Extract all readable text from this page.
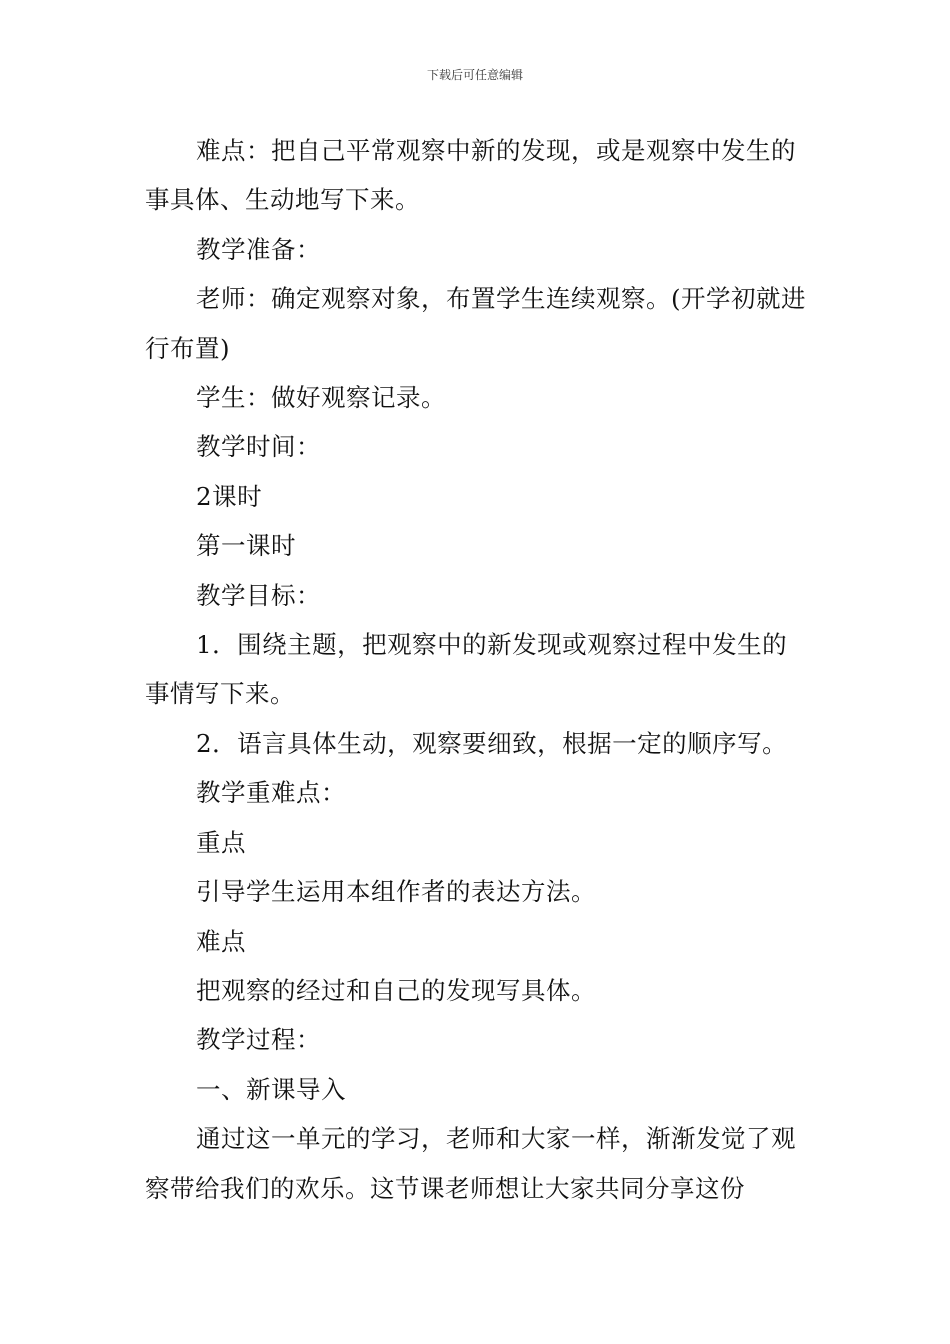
下载后可任意编辑

难点：把自己平常观察中新的发现，或是观察中发生的事具体、生动地写下来。

教学准备：

老师：确定观察对象，布置学生连续观察。(开学初就进行布置)

学生：做好观察记录。

教学时间：

2课时

第一课时

教学目标：

1．围绕主题，把观察中的新发现或观察过程中发生的事情写下来。

2．语言具体生动，观察要细致，根据一定的顺序写。

教学重难点：

重点

引导学生运用本组作者的表达方法。

难点

把观察的经过和自己的发现写具体。

教学过程：

一、新课导入

通过这一单元的学习，老师和大家一样，渐渐发觉了观察带给我们的欢乐。这节课老师想让大家共同分享这份
